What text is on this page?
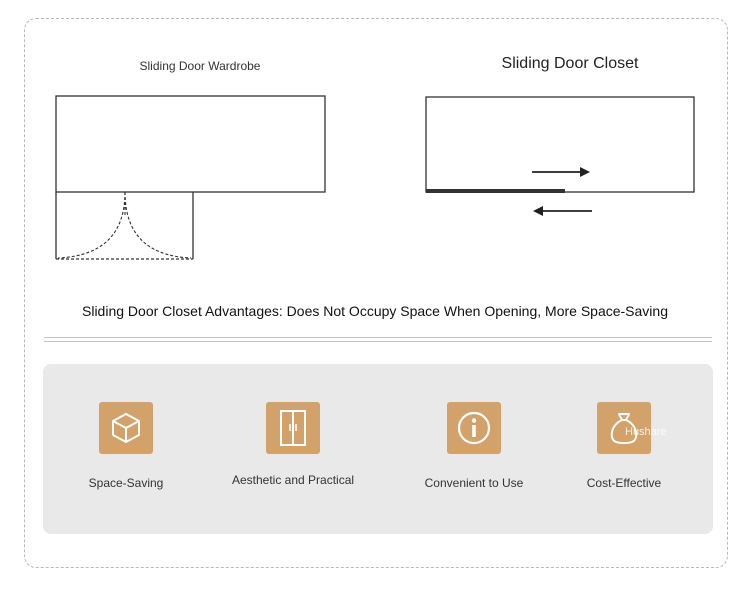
Sliding Door Wardrobe	Sliding Door Closet
Sliding Door Closet Advantages: Does Not Occupy Space When Opening, More Space-Saving
Space-Saving	Aesthetic and Practical	Convenient to Use
Hushare
Cost-Effective
